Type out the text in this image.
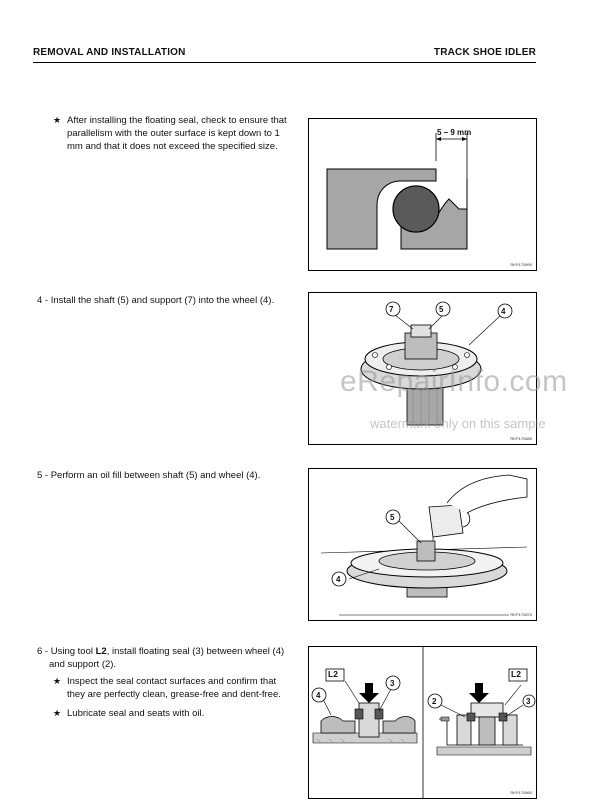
REMOVAL AND INSTALLATION	TRACK SHOE IDLER
★ After installing the floating seal, check to ensure that
parallelism with the outer surface is kept down to 1
mm and that it does not exceed the specified size.
5 – 9 mm
RKP170890
4 - Install the shaft (5) and support (7) into the wheel (4).
7	5	4
RKP170880
5 - Perform an oil fill between shaft (5) and wheel (4).
5
4
RKP170870
6 - Using tool L2, install floating seal (3) between wheel (4)
and support (2).
★ Inspect the seal contact surfaces and confirm that
they are perfectly clean, grease-free and dent-free.
★ Lubricate seal and seats with oil.
L2
3
4
L2
2	3
RKP170860
eRepairInfo.com
watermark only on this sample
